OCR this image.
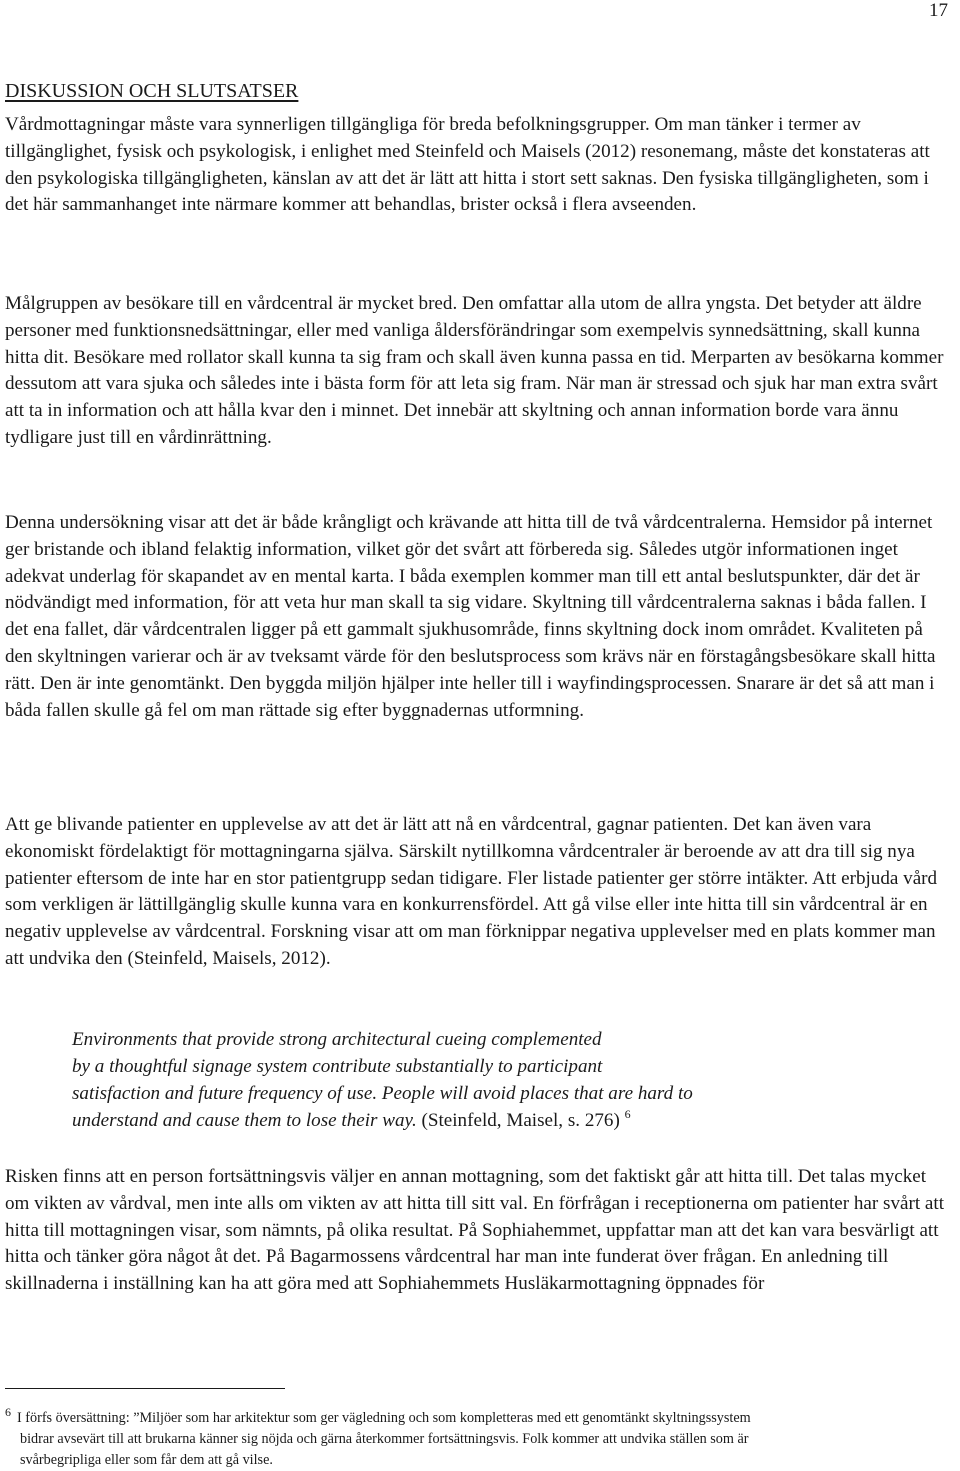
17
DISKUSSION OCH SLUTSATSER

Vårdmottagningar måste vara synnerligen tillgängliga för breda befolkningsgrupper. Om man tänker i termer av tillgänglighet, fysisk och psykologisk, i enlighet med Steinfeld och Maisels (2012) resonemang, måste det konstateras att den psykologiska tillgängligheten, känslan av att det är lätt att hitta i stort sett saknas. Den fysiska tillgängligheten, som i det här sammanhanget inte närmare kommer att behandlas, brister också i flera avseenden.

Målgruppen av besökare till en vårdcentral är mycket bred. Den omfattar alla utom de allra yngsta. Det betyder att äldre personer med funktionsnedsättningar, eller med vanliga åldersförändringar som exempelvis synnedsättning, skall kunna hitta dit. Besökare med rollator skall kunna ta sig fram och skall även kunna passa en tid. Merparten av besökarna kommer dessutom att vara sjuka och således inte i bästa form för att leta sig fram. När man är stressad och sjuk har man extra svårt att ta in information och att hålla kvar den i minnet. Det innebär att skyltning och annan information borde vara ännu tydligare just till en vårdinrättning.

Denna undersökning visar att det är både krångligt och krävande att hitta till de två vårdcentralerna. Hemsidor på internet ger bristande och ibland felaktig information, vilket gör det svårt att förbereda sig. Således utgör informationen inget adekvat underlag för skapandet av en mental karta. I båda exemplen kommer man till ett antal beslutspunkter, där det är nödvändigt med information, för att veta hur man skall ta sig vidare. Skyltning till vårdcentralerna saknas i båda fallen. I det ena fallet, där vårdcentralen ligger på ett gammalt sjukhusområde, finns skyltning dock inom området. Kvaliteten på den skyltningen varierar och är av tveksamt värde för den beslutsprocess som krävs när en förstagångsbesökare skall hitta rätt. Den är inte genomtänkt. Den byggda miljön hjälper inte heller till i wayfindingsprocessen. Snarare är det så att man i båda fallen skulle gå fel om man rättade sig efter byggnadernas utformning.

Att ge blivande patienter en upplevelse av att det är lätt att nå en vårdcentral, gagnar patienten. Det kan även vara ekonomiskt fördelaktigt för mottagningarna själva. Särskilt nytillkomna vårdcentraler är beroende av att dra till sig nya patienter eftersom de inte har en stor patientgrupp sedan tidigare. Fler listade patienter ger större intäkter. Att erbjuda vård som verkligen är lättillgänglig skulle kunna vara en konkurrensfördel. Att gå vilse eller inte hitta till sin vårdcentral är en negativ upplevelse av vårdcentral. Forskning visar att om man förknippar negativa upplevelser med en plats kommer man att undvika den (Steinfeld, Maisels, 2012).

Environments that provide strong architectural cueing complemented
by a thoughtful signage system contribute substantially to participant
satisfaction and future frequency of use. People will avoid places that are hard to
understand and cause them to lose their way. (Steinfeld, Maisel, s. 276) $^6$

Risken finns att en person fortsättningsvis väljer en annan mottagning, som det faktiskt går att hitta till. Det talas mycket om vikten av vårdval, men inte alls om vikten av att hitta till sitt val. En förfrågan i receptionerna om patienter har svårt att hitta till mottagningen visar, som nämnts, på olika resultat. På Sophiahemmet, uppfattar man att det kan vara besvärligt att hitta och tänker göra något åt det. På Bagarmossens vårdcentral har man inte funderat över frågan. En anledning till skillnaderna i inställning kan ha att göra med att Sophiahemmets Husläkarmottagning öppnades för

$^6$ I förfs översättning: ”Miljöer som har arkitektur som ger vägledning och som kompletteras med ett genomtänkt skyltningssystem
bidrar avsevärt till att brukarna känner sig nöjda och gärna återkommer fortsättningsvis. Folk kommer att undvika ställen som är
svårbegripliga eller som får dem att gå vilse.
